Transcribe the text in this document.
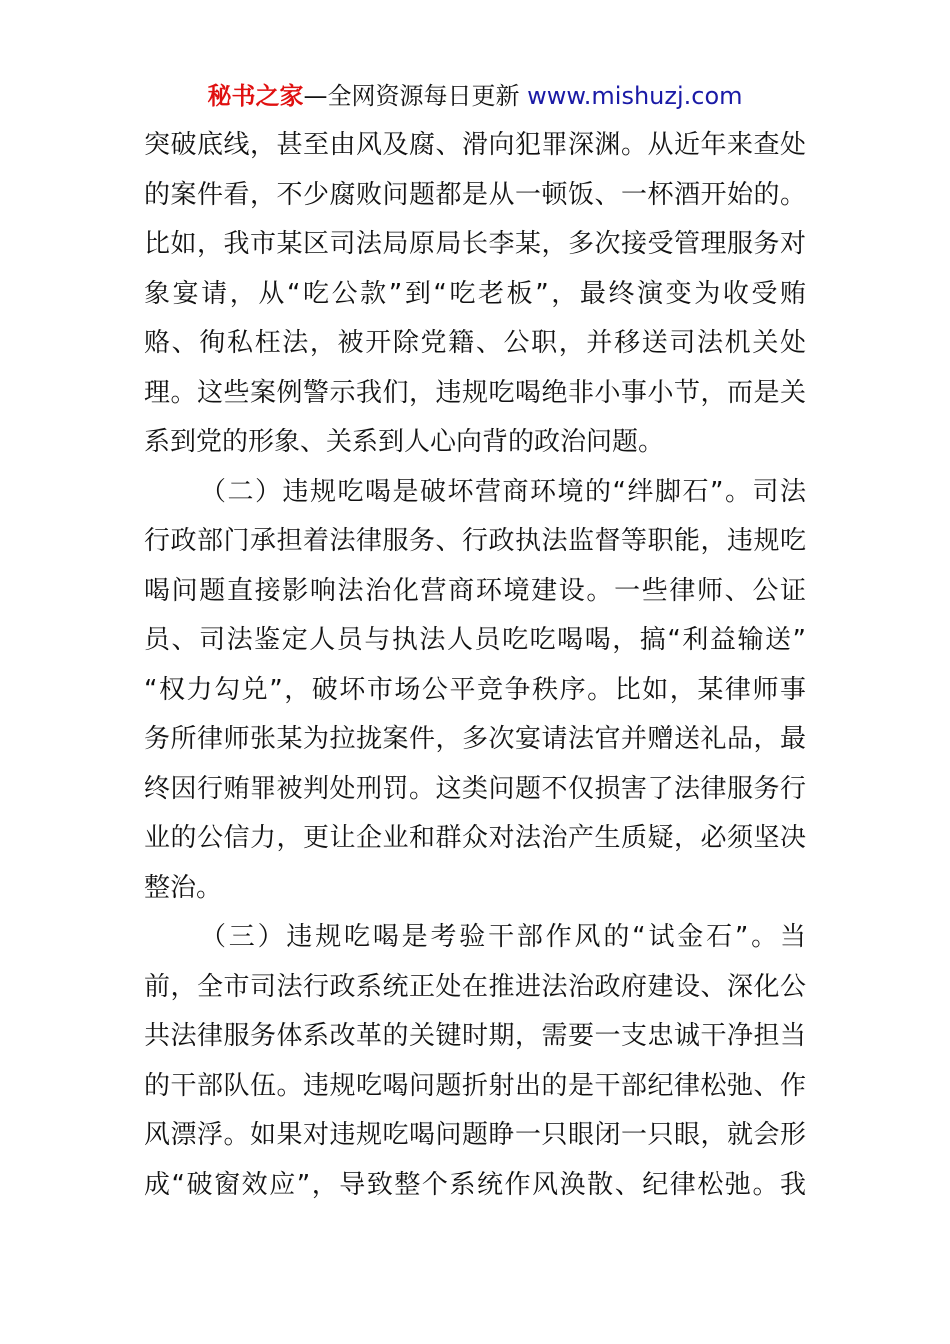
秘书之家—全网资源每日更新 www.mishuzj.com
突破底线，甚至由风及腐、滑向犯罪深渊。从近年来查处
的案件看，不少腐败问题都是从一顿饭、一杯酒开始的。
比如，我市某区司法局原局长李某，多次接受管理服务对
象宴请，从“吃公款”到“吃老板”，最终演变为收受贿
赂、徇私枉法，被开除党籍、公职，并移送司法机关处
理。这些案例警示我们，违规吃喝绝非小事小节，而是关
系到党的形象、关系到人心向背的政治问题。
（二）违规吃喝是破坏营商环境的“绊脚石”。司法
行政部门承担着法律服务、行政执法监督等职能，违规吃
喝问题直接影响法治化营商环境建设。一些律师、公证
员、司法鉴定人员与执法人员吃吃喝喝，搞“利益输送”
“权力勾兑”，破坏市场公平竞争秩序。比如，某律师事
务所律师张某为拉拢案件，多次宴请法官并赠送礼品，最
终因行贿罪被判处刑罚。这类问题不仅损害了法律服务行
业的公信力，更让企业和群众对法治产生质疑，必须坚决
整治。
（三）违规吃喝是考验干部作风的“试金石”。当
前，全市司法行政系统正处在推进法治政府建设、深化公
共法律服务体系改革的关键时期，需要一支忠诚干净担当
的干部队伍。违规吃喝问题折射出的是干部纪律松弛、作
风漂浮。如果对违规吃喝问题睁一只眼闭一只眼，就会形
成“破窗效应”，导致整个系统作风涣散、纪律松弛。我
